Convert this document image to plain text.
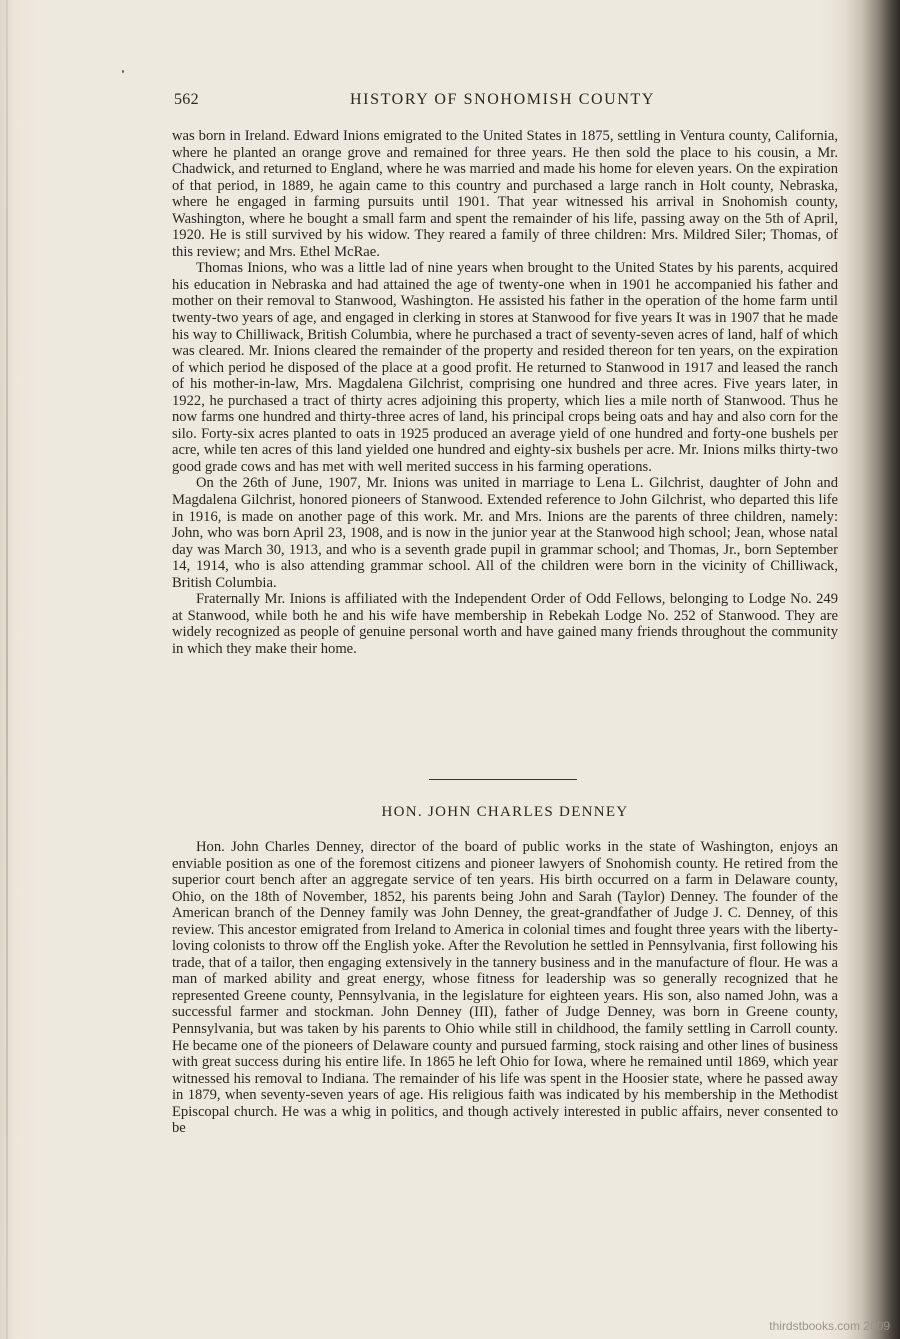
562	HISTORY OF SNOHOMISH COUNTY

was born in Ireland. Edward Inions emigrated to the United States in 1875, settling in Ventura county, California, where he planted an orange grove and remained for three years. He then sold the place to his cousin, a Mr. Chadwick, and returned to England, where he was married and made his home for eleven years. On the expiration of that period, in 1889, he again came to this country and purchased a large ranch in Holt county, Nebraska, where he engaged in farming pursuits until 1901. That year witnessed his arrival in Snohomish county, Washington, where he bought a small farm and spent the remainder of his life, passing away on the 5th of April, 1920. He is still survived by his widow. They reared a family of three children: Mrs. Mildred Siler; Thomas, of this review; and Mrs. Ethel McRae.

Thomas Inions, who was a little lad of nine years when brought to the United States by his parents, acquired his education in Nebraska and had attained the age of twenty-one when in 1901 he accompanied his father and mother on their removal to Stanwood, Washington. He assisted his father in the operation of the home farm until twenty-two years of age, and engaged in clerking in stores at Stanwood for five years It was in 1907 that he made his way to Chilliwack, British Columbia, where he purchased a tract of seventy-seven acres of land, half of which was cleared. Mr. Inions cleared the remainder of the property and resided thereon for ten years, on the expiration of which period he disposed of the place at a good profit. He returned to Stanwood in 1917 and leased the ranch of his mother-in-law, Mrs. Magdalena Gilchrist, comprising one hundred and three acres. Five years later, in 1922, he purchased a tract of thirty acres adjoining this property, which lies a mile north of Stanwood. Thus he now farms one hundred and thirty-three acres of land, his principal crops being oats and hay and also corn for the silo. Forty-six acres planted to oats in 1925 produced an average yield of one hundred and forty-one bushels per acre, while ten acres of this land yielded one hundred and eighty-six bushels per acre. Mr. Inions milks thirty-two good grade cows and has met with well merited success in his farming operations.

On the 26th of June, 1907, Mr. Inions was united in marriage to Lena L. Gilchrist, daughter of John and Magdalena Gilchrist, honored pioneers of Stanwood. Extended reference to John Gilchrist, who departed this life in 1916, is made on another page of this work. Mr. and Mrs. Inions are the parents of three children, namely: John, who was born April 23, 1908, and is now in the junior year at the Stanwood high school; Jean, whose natal day was March 30, 1913, and who is a seventh grade pupil in grammar school; and Thomas, Jr., born September 14, 1914, who is also attending grammar school. All of the children were born in the vicinity of Chilliwack, British Columbia.

Fraternally Mr. Inions is affiliated with the Independent Order of Odd Fellows, belonging to Lodge No. 249 at Stanwood, while both he and his wife have membership in Rebekah Lodge No. 252 of Stanwood. They are widely recognized as people of genuine personal worth and have gained many friends throughout the community in which they make their home.

HON. JOHN CHARLES DENNEY

Hon. John Charles Denney, director of the board of public works in the state of Washington, enjoys an enviable position as one of the foremost citizens and pioneer lawyers of Snohomish county. He retired from the superior court bench after an aggregate service of ten years. His birth occurred on a farm in Delaware county, Ohio, on the 18th of November, 1852, his parents being John and Sarah (Taylor) Denney. The founder of the American branch of the Denney family was John Denney, the great-grandfather of Judge J. C. Denney, of this review. This ancestor emigrated from Ireland to America in colonial times and fought three years with the liberty-loving colonists to throw off the English yoke. After the Revolution he settled in Pennsylvania, first following his trade, that of a tailor, then engaging extensively in the tannery business and in the manufacture of flour. He was a man of marked ability and great energy, whose fitness for leadership was so generally recognized that he represented Greene county, Pennsylvania, in the legislature for eighteen years. His son, also named John, was a successful farmer and stockman. John Denney (III), father of Judge Denney, was born in Greene county, Pennsylvania, but was taken by his parents to Ohio while still in childhood, the family settling in Carroll county. He became one of the pioneers of Delaware county and pursued farming, stock raising and other lines of business with great success during his entire life. In 1865 he left Ohio for Iowa, where he remained until 1869, which year witnessed his removal to Indiana. The remainder of his life was spent in the Hoosier state, where he passed away in 1879, when seventy-seven years of age. His religious faith was indicated by his membership in the Methodist Episcopal church. He was a whig in politics, and though actively interested in public affairs, never consented to be

thirdstbooks.com 2009
